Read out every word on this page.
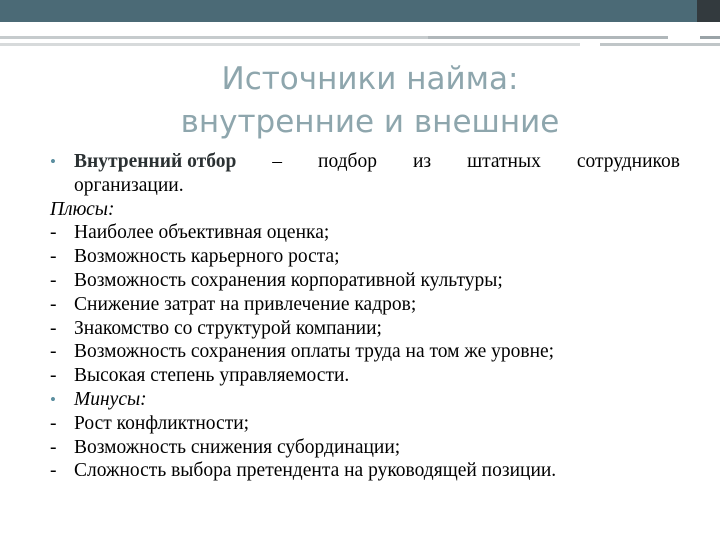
Источники найма:
внутренние и внешние
• Внутренний отбор – подбор из штатных сотрудников
организации.
Плюсы:
- Наиболее объективная оценка;
- Возможность карьерного роста;
- Возможность сохранения корпоративной культуры;
- Снижение затрат на привлечение кадров;
- Знакомство со структурой компании;
- Возможность сохранения оплаты труда на том же уровне;
- Высокая степень управляемости.
• Минусы:
- Рост конфликтности;
- Возможность снижения субординации;
- Сложность выбора претендента на руководящей позиции.
